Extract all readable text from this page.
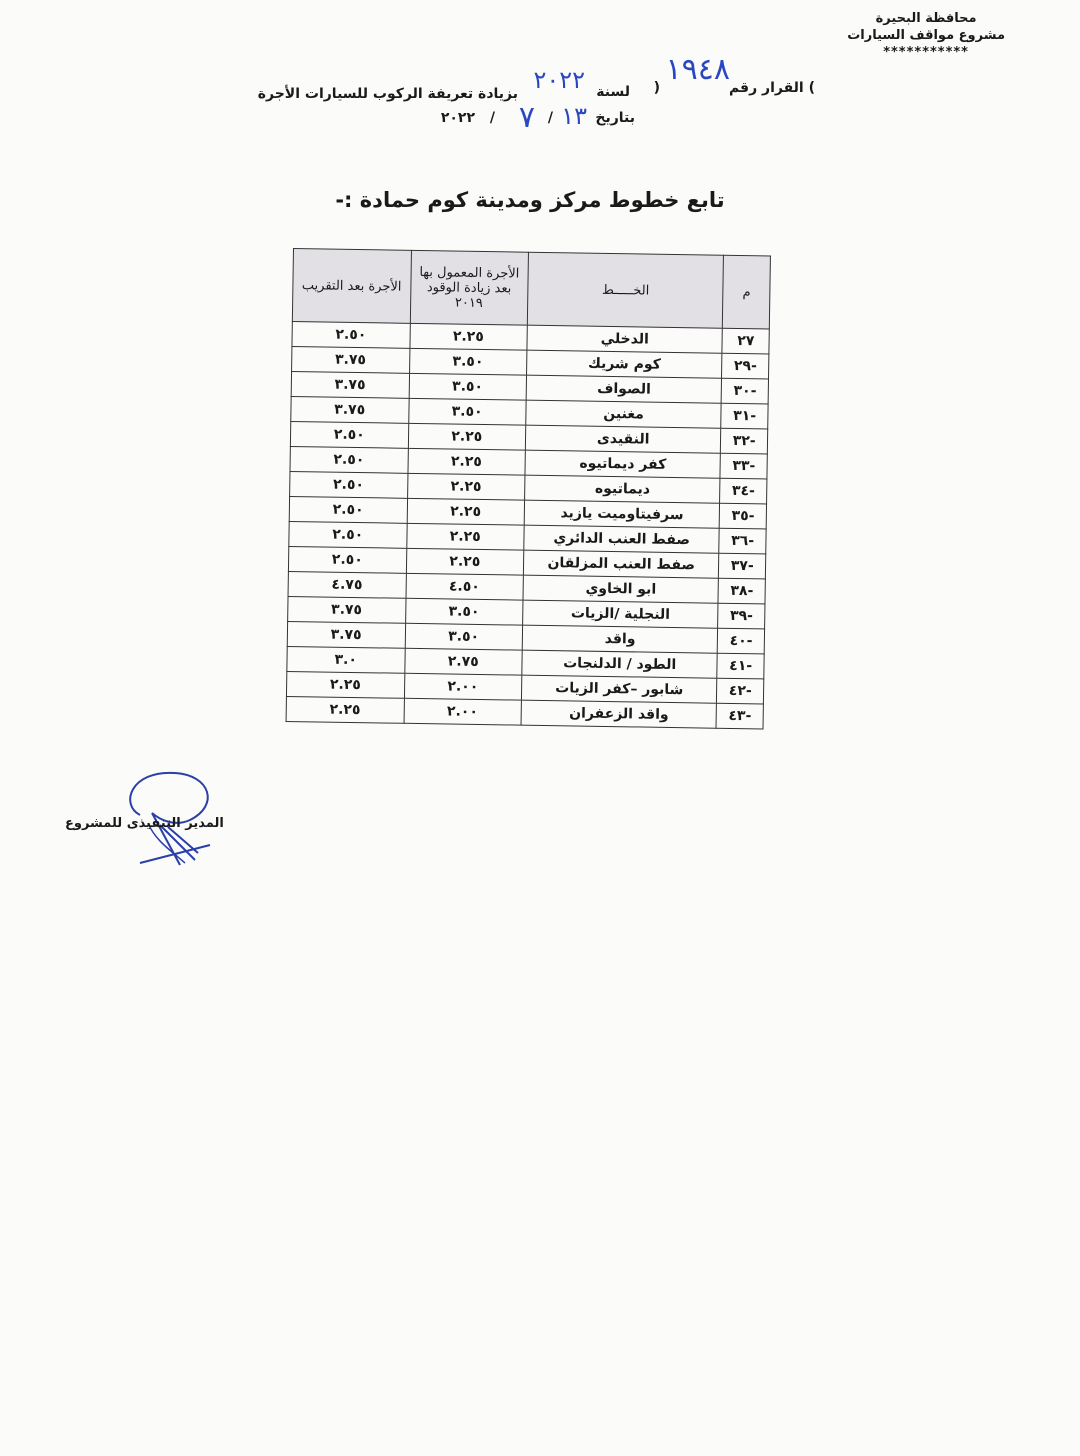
محافظة البحيرة
مشروع مواقف السيارات
***********
القرار رقم (
١٩٤٨
)
لسنة
٢٠٢٢
بزيادة تعريفة الركوب للسيارات الأجرة
بتاريخ
١٣
/
٧
/
٢٠٢٢
تابع خطوط مركز ومدينة كوم حمادة :-
م	الخـــــط	الأجرة المعمول بها بعد زيادة الوقود ٢٠١٩	الأجرة بعد التقريب
٢٧	الدخلي	٢.٢٥	٢.٥٠
-٢٩	كوم شريك	٣.٥٠	٣.٧٥
-٣٠	الصواف	٣.٥٠	٣.٧٥
-٣١	مغنين	٣.٥٠	٣.٧٥
-٣٢	النقيدى	٢.٢٥	٢.٥٠
-٣٣	كفر ديماتيوه	٢.٢٥	٢.٥٠
-٣٤	ديماتيوه	٢.٢٥	٢.٥٠
-٣٥	سرفيتاوميت يازيد	٢.٢٥	٢.٥٠
-٣٦	صفط العنب الدائري	٢.٢٥	٢.٥٠
-٣٧	صفط العنب المزلقان	٢.٢٥	٢.٥٠
-٣٨	ابو الخاوي	٤.٥٠	٤.٧٥
-٣٩	النجلية /الزيات	٣.٥٠	٣.٧٥
-٤٠	واقد	٣.٥٠	٣.٧٥
-٤١	الطود / الدلنجات	٢.٧٥	٣.٠
-٤٢	شابور –كفر الزيات	٢.٠٠	٢.٢٥
-٤٣	واقد الزعفران	٢.٠٠	٢.٢٥
المدير التنفيذى للمشروع
